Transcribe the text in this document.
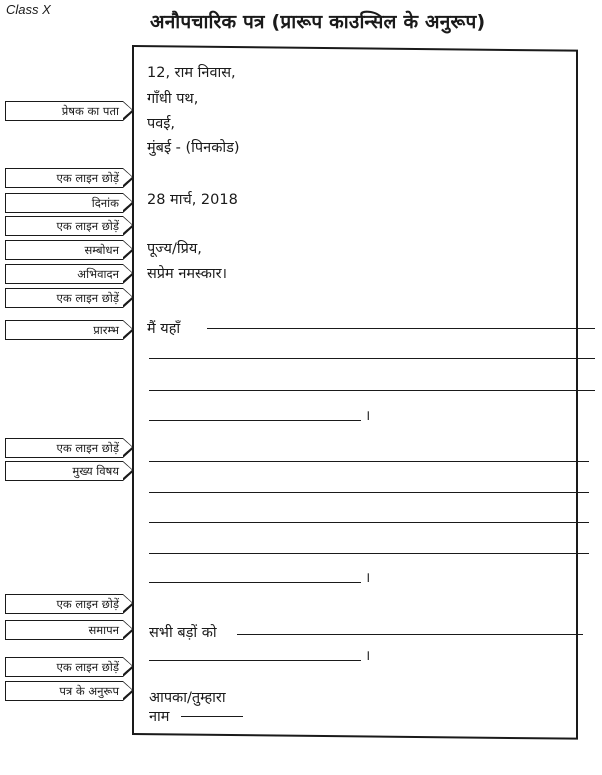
Class X
अनौपचारिक पत्र (प्रारूप काउन्सिल के अनुरूप)
प्रेषक का पता
एक लाइन छोड़ें
दिनांक
एक लाइन छोड़ें
सम्बोधन
अभिवादन
एक लाइन छोड़ें
प्रारम्भ
एक लाइन छोड़ें
मुख्य विषय
एक लाइन छोड़ें
समापन
एक लाइन छोड़ें
पत्र के अनुरूप
12, राम निवास,
गाँधी पथ,
पवई,
मुंबई - (पिनकोड)
28 मार्च, 2018
पूज्य/प्रिय,
सप्रेम नमस्कार।
मैं यहाँ
।
।
सभी बड़ों को
।
आपका/तुम्हारा
नाम
